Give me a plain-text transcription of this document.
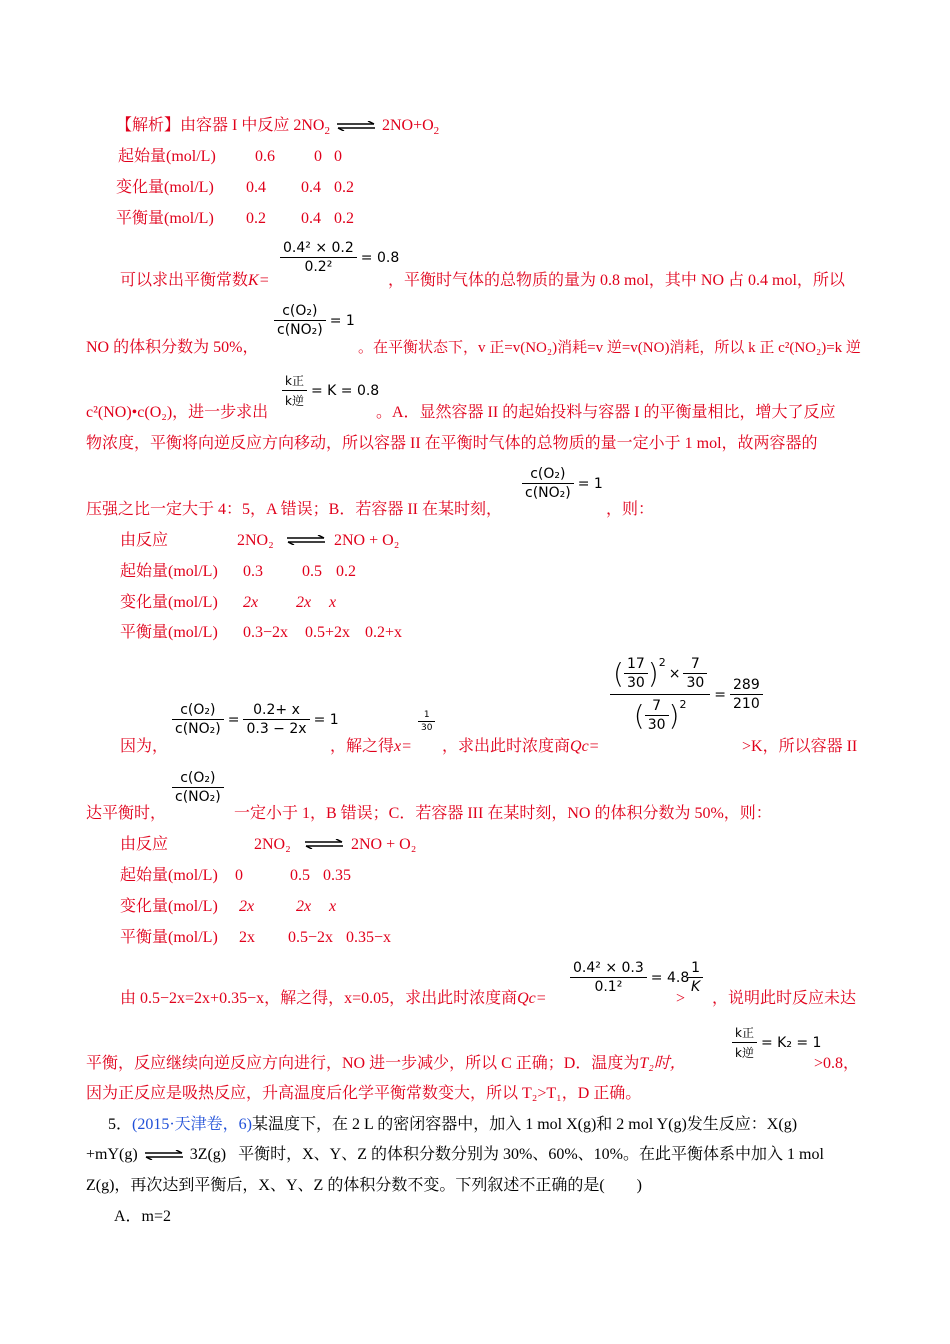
【解析】由容器 I 中反应 $2NO_2$ ⇌ $2NO+O_2$
起始量(mol/L) 0.6 0 0
变化量(mol/L) 0.4 0.4 0.2
平衡量(mol/L) 0.2 0.4 0.2
$\frac{\text{0.4² × 0.2}}{\text{0.2²}} = 0.8$
可以求出平衡常数K=	，平衡时气体的总物质的量为 0.8 mol，其中 NO 占 0.4 mol，所以
$\frac{\text{c(O₂)}}{\text{c(NO₂)}} = 1$
NO 的体积分数为 50%，	。在平衡状态下，v 正=v(NO₂)消耗=v 逆=v(NO)消耗，所以 k 正 c²(NO₂)=k 逆
$\frac{\text{k正}}{\text{k逆}} = K = 0.8$
c²(NO)•c(O₂)，进一步求出	。A．显然容器 II 的起始投料与容器 I 的平衡量相比，增大了反应
物浓度，平衡将向逆反应方向移动，所以容器 II 在平衡时气体的总物质的量一定小于 1 mol，故两容器的
$\frac{\text{c(O₂)}}{\text{c(NO₂)}} = 1$
压强之比一定大于 4：5，A 错误；B．若容器 II 在某时刻，	，则：
由反应	2NO₂	2NO + O₂
起始量(mol/L) 0.3 0.5 0.2
变化量(mol/L) 2x 2x x
平衡量(mol/L) 0.3−2x 0.5+2x 0.2+x
$\frac{\text{c(O₂)}}{\text{c(NO₂)}} = \frac{0.2+ x}{0.3 - 2x} = 1$	$\frac{1}{30}$	( $\frac{17}{30} )^2$
× $\frac{7}{30}$
( $\frac{7}{30} )^2 = \frac{289}{210}$
因为，	，解之得x= ，求出此时浓度商Qc=	>K，所以容器 II
$\frac{\text{c(O₂)}}{\text{c(NO₂)}}$
达平衡时，	一定小于 1，B 错误；C．若容器 III 在某时刻，NO 的体积分数为 50%，则：
由反应	2NO₂	2NO + O₂
起始量(mol/L) 0	0.5 0.35
变化量(mol/L) 2x	2x x
平衡量(mol/L) 2x 0.5−2x 0.35−x
$\frac{\text{0.4² × 0.3}}{\text{0.1²}} = 4.8$
$\frac{1}{K}$
由 0.5−2x=2x+0.35−x，解之得，x=0.05，求出此时浓度商Qc=	> ，说明此时反应未达
$\frac{\text{k正}}{\text{k逆}} = K_2 = 1$
平衡，反应继续向逆反应方向进行，NO 进一步减少，所以 C 正确；D．温度为T₂时，	>0.8，
因为正反应是吸热反应，升高温度后化学平衡常数变大，所以 T₂>T₁，D 正确。
5．(2015·天津卷，6)某温度下，在 2 L 的密闭容器中，加入 1 mol X(g)和 2 mol Y(g)发生反应：X(g)
+mY(g) ⇌ 3Z(g) 平衡时，X、Y、Z 的体积分数分别为 30%、60%、10%。在此平衡体系中加入 1 mol
Z(g)，再次达到平衡后，X、Y、Z 的体积分数不变。下列叙述不正确的是(　　)
A．m=2
